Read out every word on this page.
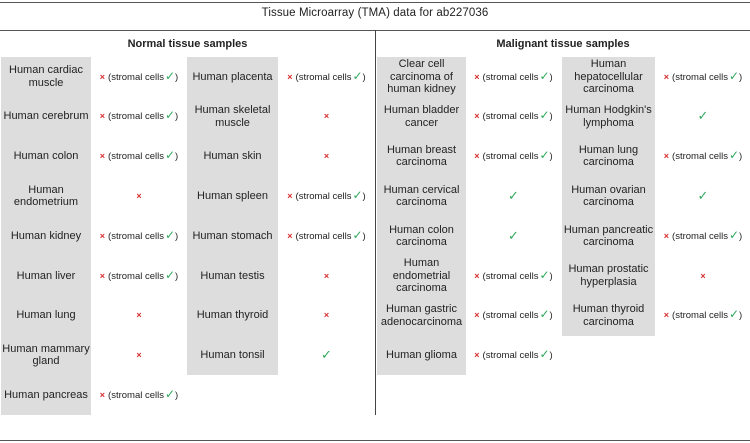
Tissue Microarray (TMA) data for ab227036
Normal tissue samples	Malignant tissue samples
Human cardiac muscle
Human cerebrum
Human colon
Human endometrium
Human kidney
Human liver
Human lung
Human mammary gland
Human pancreas
× (stromal cells✓)
× (stromal cells✓)
× (stromal cells✓)
×
× (stromal cells✓)
× (stromal cells✓)
×
×
× (stromal cells✓)
Human placenta
Human skeletal muscle
Human skin
Human spleen
Human stomach
Human testis
Human thyroid
Human tonsil
× (stromal cells✓)
×
×
× (stromal cells✓)
× (stromal cells✓)
×
×
✓
Clear cell carcinoma of human kidney
Human bladder cancer
Human breast carcinoma
Human cervical carcinoma
Human colon carcinoma
Human endometrial carcinoma
Human gastric adenocarcinoma
Human glioma
× (stromal cells✓)
× (stromal cells✓)
× (stromal cells✓)
✓
✓
× (stromal cells✓)
× (stromal cells✓)
× (stromal cells✓)
Human hepatocellular carcinoma
Human Hodgkin's lymphoma
Human lung carcinoma
Human ovarian carcinoma
Human pancreatic carcinoma
Human prostatic hyperplasia
Human thyroid carcinoma
× (stromal cells✓)
✓
× (stromal cells✓)
✓
× (stromal cells✓)
×
× (stromal cells✓)
